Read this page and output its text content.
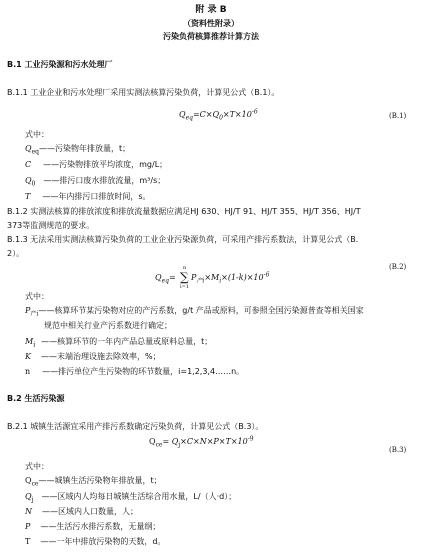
附 录 B
（资料性附录）
污染负荷核算推荐计算方法
B.1 工业污染源和污水处理厂
B.1.1 工业企业和污水处理厂采用实测法核算污染负荷，计算见公式（B.1）。
$Q_{eq}=C\times Q_0\times T\times 10^{-6}$
(B.1)
式中：
$Q_{eq}——$污染物年排放量，t；
C ——污染物排放平均浓度，mg/L；
$Q_0$ ——排污口废水排放流量，m³/s；
T ——年内排污口排放时间，s。
B.1.2 实测法核算的排放浓度和排放流量数据应满足HJ 630、HJ/T 91、HJ/T 355、HJ/T 356、HJ/T
373等监测规范的要求。
B.1.3 无法采用实测法核算污染负荷的工业企业污染源负荷，可采用产排污系数法，计算见公式（B.
2）。
$Q_{eq}=$
n
∑
i=1
$P_{产i}\times M_i\times(1-k)\times 10^{-6}$
(B.2)
式中：
$P_{产i}——$核算环节某污染物对应的产污系数，g/t 产品或原料，可参照全国污染源普查等相关国家
规范中相关行业产污系数进行确定；
$M_i$ ——核算环节的一年内产品总量或原料总量，t；
K ——末端治理设施去除效率，%；
n ——排污单位产生污染物的环节数量，i=1,2,3,4……n。
B.2 生活污染源
B.2.1 城镇生活源宜采用产排污系数确定污染负荷，计算见公式（B.3）。
$Q_{ce}= Q_j\times C\times N\times P\times T\times 10^{-9}$
(B.3)
式中：
$Q_{ce}——$城镇生活污染物年排放量，t；
$Q_j$ ——区域内人均每日城镇生活综合用水量，L/（人·d）；
N ——区域内人口数量，人；
P ——生活污水排污系数，无量纲；
T ——一年中排放污染物的天数，d。
